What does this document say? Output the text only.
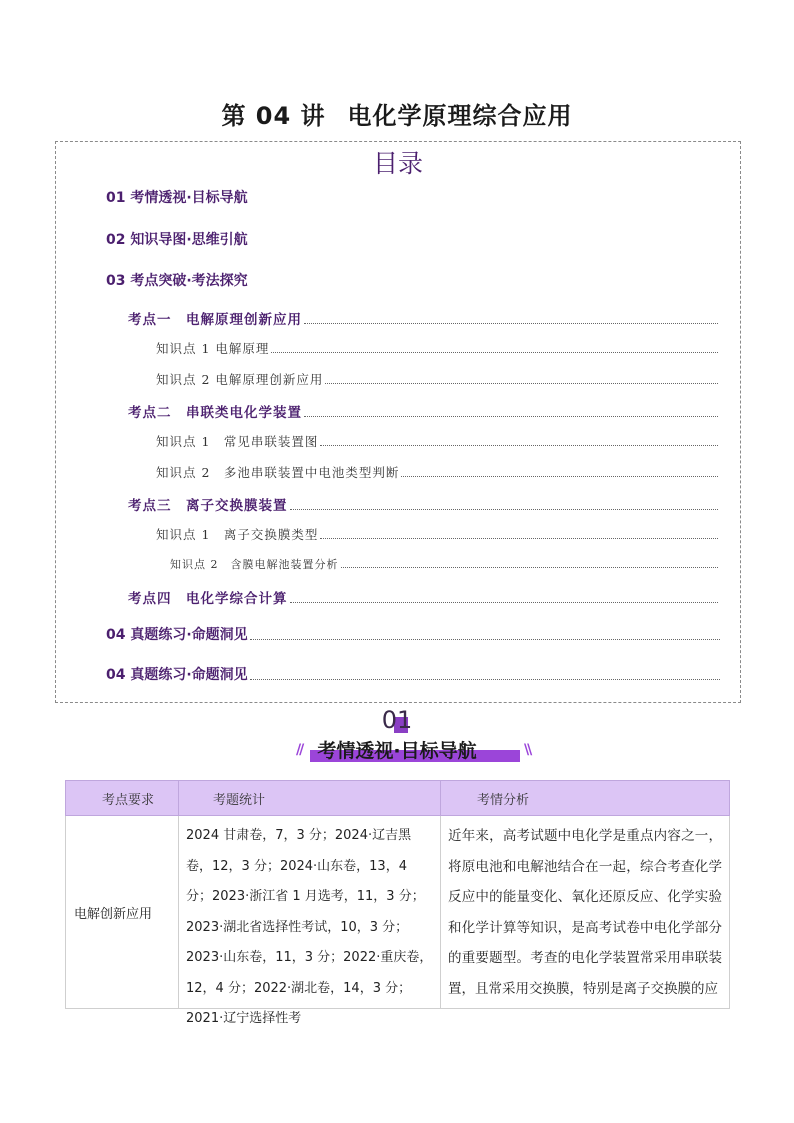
第 04 讲 电化学原理综合应用
目录
01 考情透视·目标导航
02 知识导图·思维引航
03 考点突破·考法探究
考点一　电解原理创新应用
知识点 1 电解原理
知识点 2 电解原理创新应用
考点二　串联类电化学装置
知识点 1　常见串联装置图
知识点 2　多池串联装置中电池类型判断
考点三　离子交换膜装置
知识点 1　离子交换膜类型
知识点 2　含膜电解池装置分析
考点四　电化学综合计算
04 真题练习·命题洞见
04 真题练习·命题洞见
01
//	\\
考情透视·目标导航
考点要求	考题统计	考情分析
电解创新应用	2024 甘肃卷，7，3 分；2024·辽吉黑卷，12，3 分；2024·山东卷，13，4 分；2023·浙江省 1 月选考，11，3 分；2023·湖北省选择性考试，10，3 分；2023·山东卷，11，3 分；2022·重庆卷，12，4 分；2022·湖北卷，14，3 分；2021·辽宁选择性考	近年来，高考试题中电化学是重点内容之一，将原电池和电解池结合在一起，综合考查化学反应中的能量变化、氧化还原反应、化学实验和化学计算等知识，是高考试卷中电化学部分的重要题型。考查的电化学装置常采用串联装置，且常采用交换膜，特别是离子交换膜的应
